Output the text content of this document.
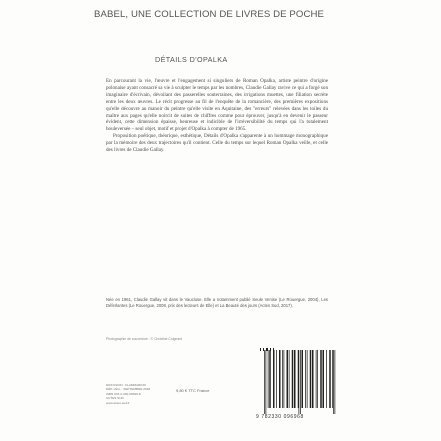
BABEL, UNE COLLECTION DE LIVRES DE POCHE
DÉTAILS D'OPALKA

En parcourant la vie, l'œuvre et l'engagement si singuliers de Roman Opalka, artiste peintre d'origine polonaise ayant consacré sa vie à sculpter le temps par les nombres, Claudie Gallay ravive ce qui a forgé son imaginaire d'écrivain, dévoilant des passerelles souterraines, des irrigations muettes, une filiation secrète entre les deux œuvres. Le récit progresse au fil de l'enquête de la romancière, des premières expositions qu'elle découvre au manoir du peintre qu'elle visite en Aquitaine, des "erreurs" relevées dans les toiles du maître aux pages qu'elle noircit de suites de chiffres comme pour éprouver, jusqu'à en devenir le passeur évident, cette dimension épaisse, heureuse et indicible de l'irréversibilité du temps qui l'a totalement bouleversée – seul objet, motif et projet d'Opalka à compter de 1965.

Proposition poétique, théorique, esthétique, Détails d'Opalka s'apparente à un hommage monographique par la mémoire des deux trajectoires qu'il contient. Celle du temps sur lequel Roman Opalka veille, et celle des livres de Claudie Gallay.

Née en 1961, Claudie Gallay vit dans le Vaucluse. Elle a notamment publié Seule Venise (Le Rouergue, 2004), Les Déferlantes (Le Rouergue, 2008, prix des lecteurs de Elle) et La Beauté des jours (Actes Sud, 2017).
Photographie de couverture : © Christine Coignard
DIFFUSION : FLAMMARION
DÉP. LÉG. : SEPTEMBRE 2018
ISBN 978-2-330-09696-8
ACTES SUD
www.actes-sud.fr
9,80 € TTC France
9 782330 096968
